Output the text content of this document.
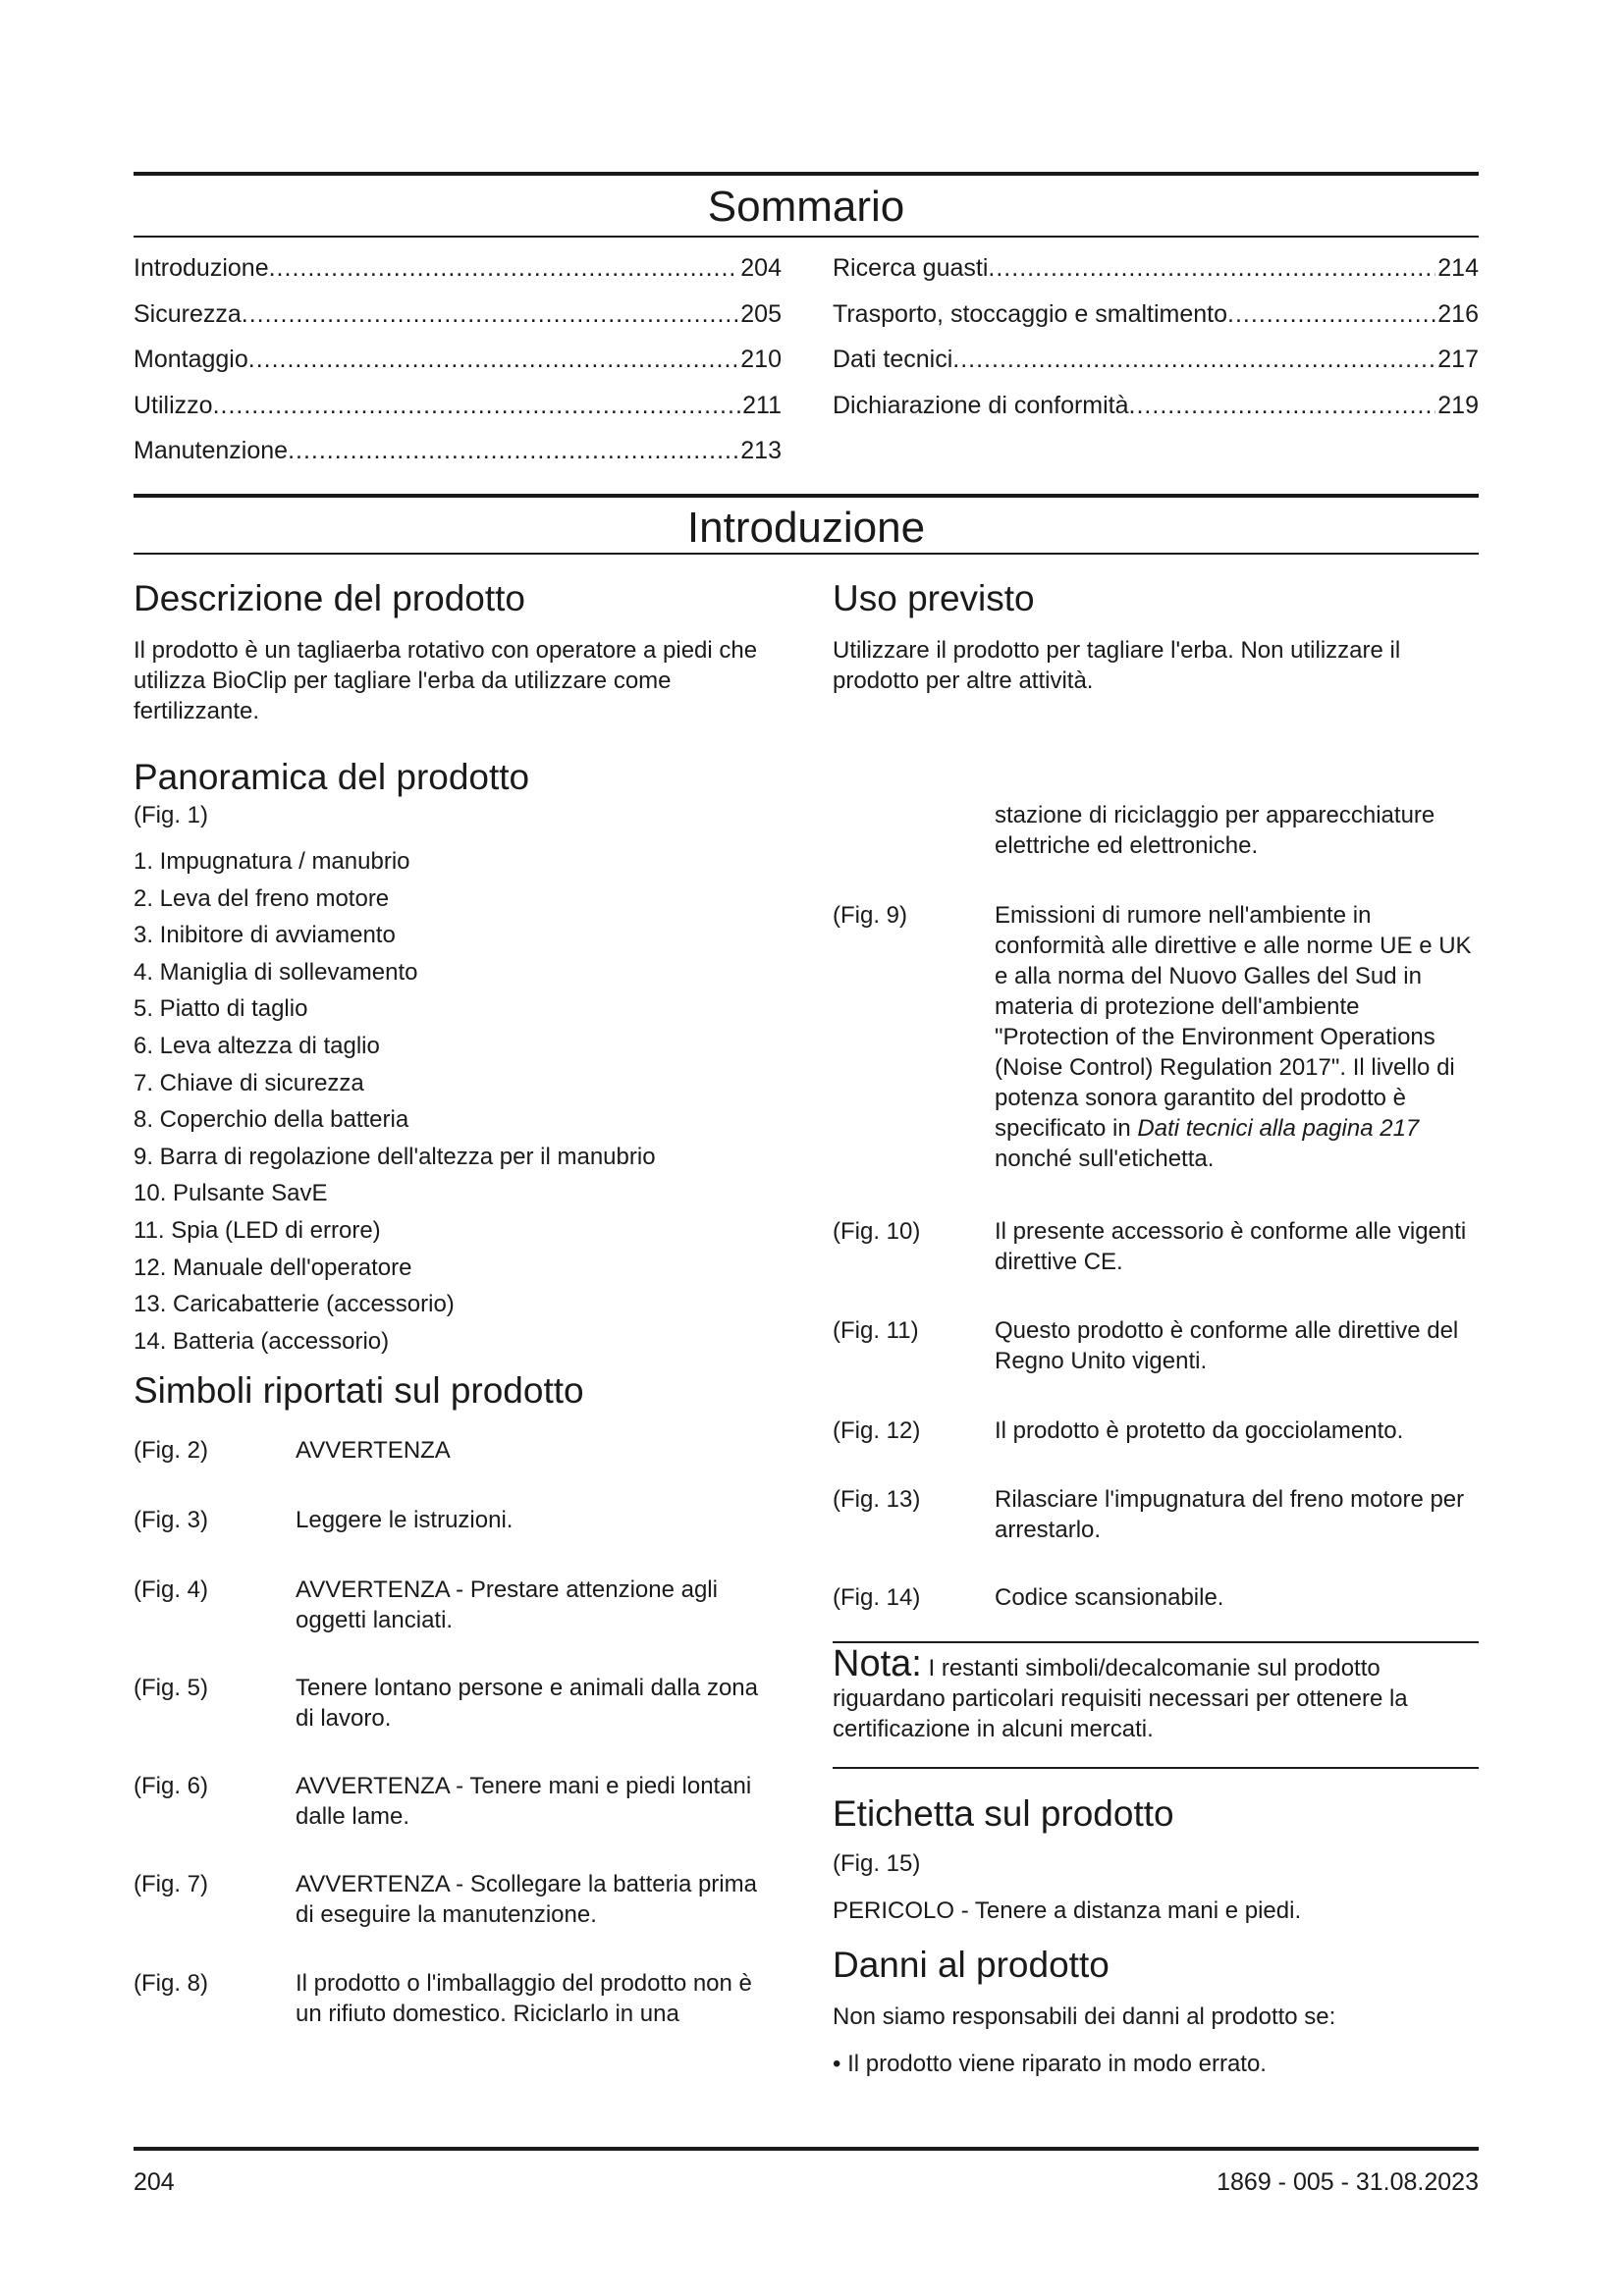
Sommario
Introduzione .....	204
Sicurezza .....	205
Montaggio .....	210
Utilizzo .....	211
Manutenzione .....	213
Ricerca guasti .....	214
Trasporto, stoccaggio e smaltimento .....	216
Dati tecnici .....	217
Dichiarazione di conformità .....	219
Introduzione
Descrizione del prodotto

Il prodotto è un tagliaerba rotativo con operatore a piedi che utilizza BioClip per tagliare l'erba da utilizzare come fertilizzante.

Panoramica del prodotto

(Fig. 1)

1. Impugnatura / manubrio
2. Leva del freno motore
3. Inibitore di avviamento
4. Maniglia di sollevamento
5. Piatto di taglio
6. Leva altezza di taglio
7. Chiave di sicurezza
8. Coperchio della batteria
9. Barra di regolazione dell'altezza per il manubrio
10. Pulsante SavE
11. Spia (LED di errore)
12. Manuale dell'operatore
13. Caricabatterie (accessorio)
14. Batteria (accessorio)
Simboli riportati sul prodotto
(Fig. 2)	AVVERTENZA
(Fig. 3)	Leggere le istruzioni.
(Fig. 4)	AVVERTENZA - Prestare attenzione agli oggetti lanciati.
(Fig. 5)	Tenere lontano persone e animali dalla zona di lavoro.
(Fig. 6)	AVVERTENZA - Tenere mani e piedi lontani dalle lame.
(Fig. 7)	AVVERTENZA - Scollegare la batteria prima di eseguire la manutenzione.
(Fig. 8)	Il prodotto o l'imballaggio del prodotto non è un rifiuto domestico. Riciclarlo in una
Uso previsto

Utilizzare il prodotto per tagliare l'erba. Non utilizzare il prodotto per altre attività.

stazione di riciclaggio per apparecchiature elettriche ed elettroniche.

(Fig. 9)	Emissioni di rumore nell'ambiente in conformità alle direttive e alle norme UE e UK e alla norma del Nuovo Galles del Sud in materia di protezione dell'ambiente "Protection of the Environment Operations (Noise Control) Regulation 2017". Il livello di potenza sonora garantito del prodotto è specificato in Dati tecnici alla pagina 217 nonché sull'etichetta.
(Fig. 10)	Il presente accessorio è conforme alle vigenti direttive CE.
(Fig. 11)	Questo prodotto è conforme alle direttive del Regno Unito vigenti.
(Fig. 12)	Il prodotto è protetto da gocciolamento.
(Fig. 13)	Rilasciare l'impugnatura del freno motore per arrestarlo.
(Fig. 14)	Codice scansionabile.

Nota: I restanti simboli/decalcomanie sul prodotto riguardano particolari requisiti necessari per ottenere la certificazione in alcuni mercati.

Etichetta sul prodotto

(Fig. 15)

PERICOLO - Tenere a distanza mani e piedi.

Danni al prodotto

Non siamo responsabili dei danni al prodotto se:

• Il prodotto viene riparato in modo errato.

204	1869 - 005 - 31.08.2023
